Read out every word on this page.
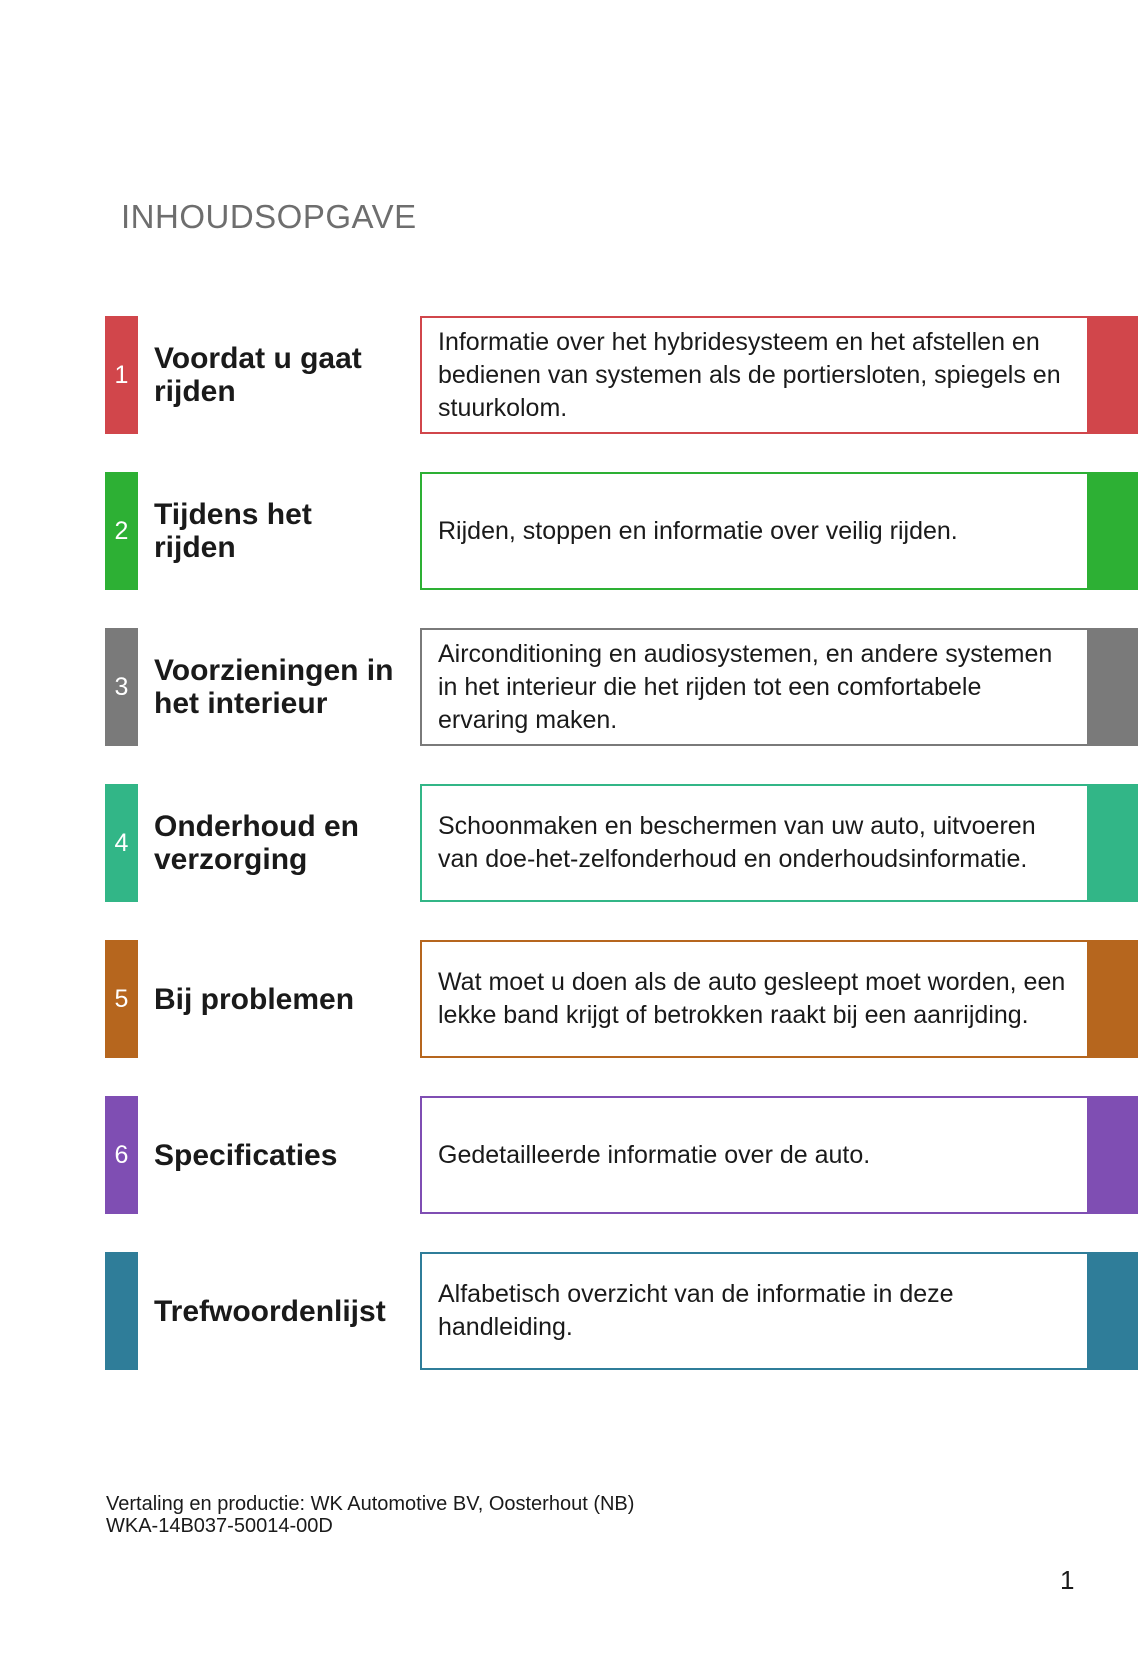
INHOUDSOPGAVE
1 Voordat u gaat
rijden
Informatie over het hybridesysteem en het afstellen en bedienen van systemen als de portiersloten, spiegels en stuurkolom.
2 Tijdens het rijden
Rijden, stoppen en informatie over veilig rijden.
3 Voorzieningen in
het interieur
Airconditioning en audiosystemen, en andere systemen in het interieur die het rijden tot een comfortabele ervaring maken.
4 Onderhoud en
verzorging
Schoonmaken en beschermen van uw auto, uitvoeren van doe-het-zelfonderhoud en onderhoudsinformatie.
5 Bij problemen
Wat moet u doen als de auto gesleept moet worden, een lekke band krijgt of betrokken raakt bij een aanrijding.
6 Specificaties	Gedetailleerde informatie over de auto.
Trefwoordenlijst
Alfabetisch overzicht van de informatie in deze handleiding.
Vertaling en productie: WK Automotive BV, Oosterhout (NB)
WKA-14B037-50014-00D
1
